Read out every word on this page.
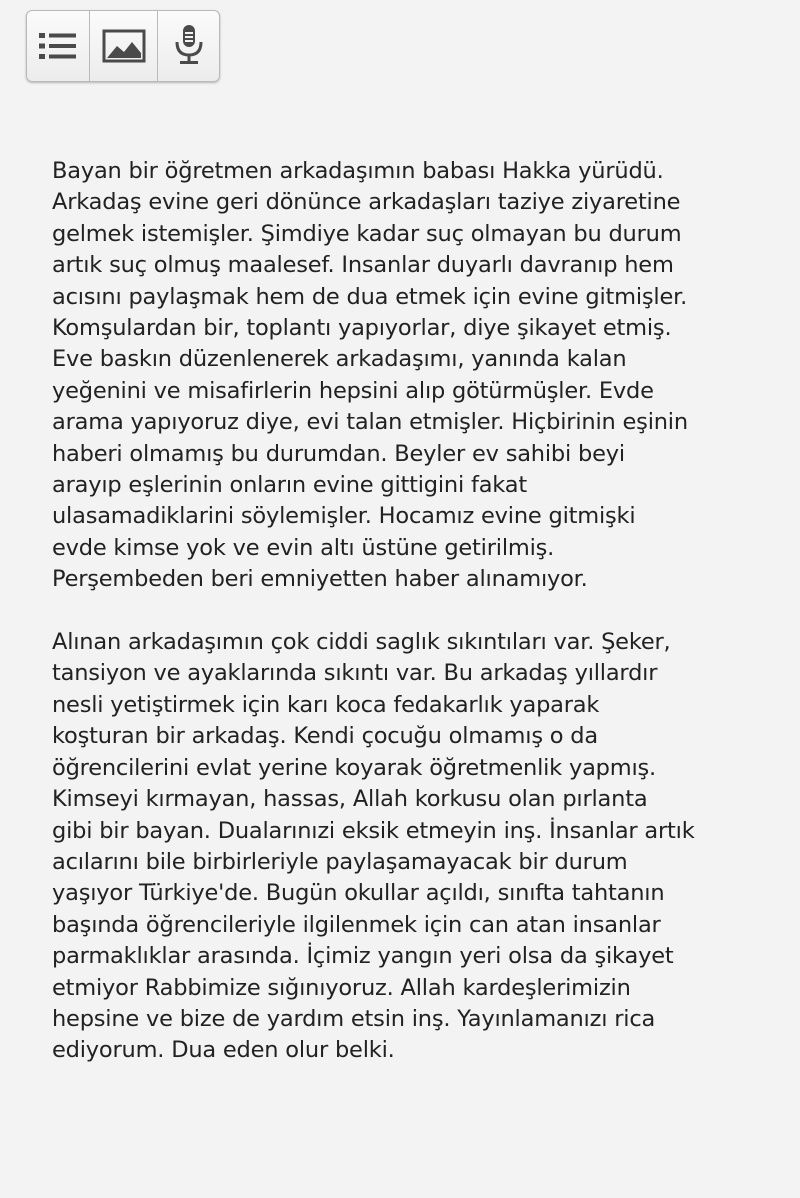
Bayan bir öğretmen arkadaşımın babası Hakka yürüdü.
Arkadaş evine geri dönünce arkadaşları taziye ziyaretine
gelmek istemişler. Şimdiye kadar suç olmayan bu durum
artık suç olmuş maalesef. Insanlar duyarlı davranıp hem
acısını paylaşmak hem de dua etmek için evine gitmişler.
Komşulardan bir, toplantı yapıyorlar, diye şikayet etmiş.
Eve baskın düzenlenerek arkadaşımı, yanında kalan
yeğenini ve misafirlerin hepsini alıp götürmüşler. Evde
arama yapıyoruz diye, evi talan etmişler. Hiçbirinin eşinin
haberi olmamış bu durumdan. Beyler ev sahibi beyi
arayıp eşlerinin onların evine gittigini fakat
ulasamadiklarini söylemişler. Hocamız evine gitmişki
evde kimse yok ve evin altı üstüne getirilmiş.
Perşembeden beri emniyetten haber alınamıyor.

Alınan arkadaşımın çok ciddi saglık sıkıntıları var. Şeker,
tansiyon ve ayaklarında sıkıntı var. Bu arkadaş yıllardır
nesli yetiştirmek için karı koca fedakarlık yaparak
koşturan bir arkadaş. Kendi çocuğu olmamış o da
öğrencilerini evlat yerine koyarak öğretmenlik yapmış.
Kimseyi kırmayan, hassas, Allah korkusu olan pırlanta
gibi bir bayan. Dualarınızi eksik etmeyin inş. İnsanlar artık
acılarını bile birbirleriyle paylaşamayacak bir durum
yaşıyor Türkiye'de. Bugün okullar açıldı, sınıfta tahtanın
başında öğrencileriyle ilgilenmek için can atan insanlar
parmaklıklar arasında. İçimiz yangın yeri olsa da şikayet
etmiyor Rabbimize sığınıyoruz. Allah kardeşlerimizin
hepsine ve bize de yardım etsin inş. Yayınlamanızı rica
ediyorum. Dua eden olur belki.
